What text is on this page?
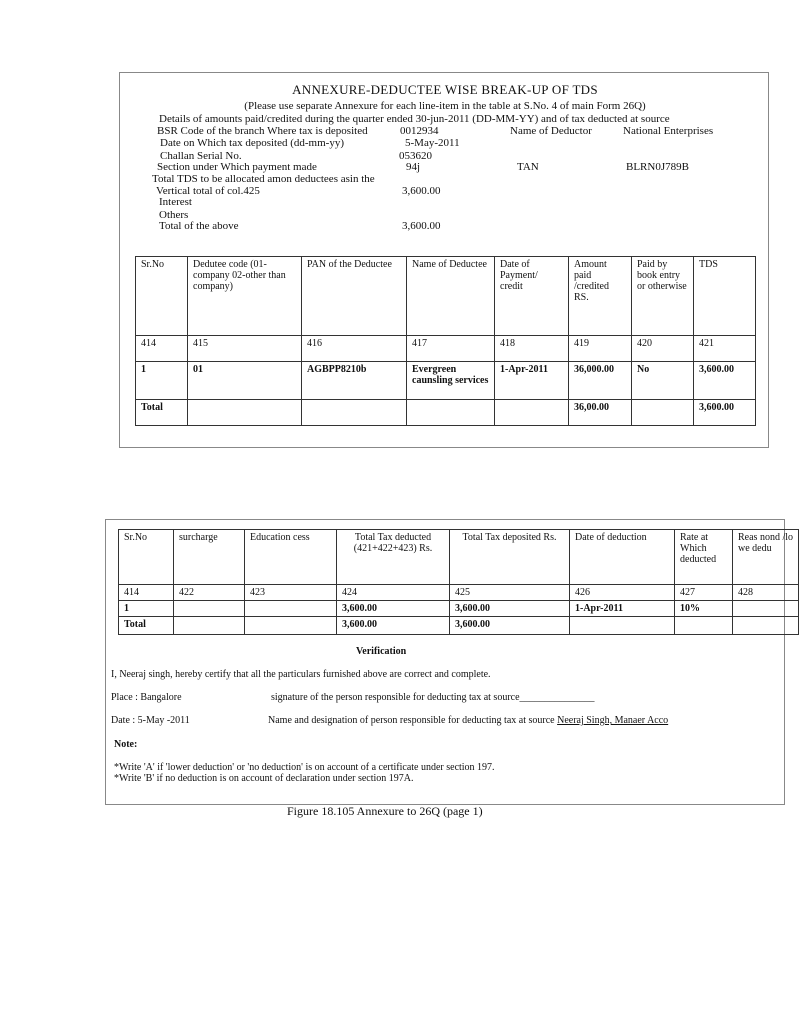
ANNEXURE-DEDUCTEE WISE BREAK-UP OF TDS
(Please use separate Annexure for each line-item in the table at S.No. 4 of main Form 26Q)
Details of amounts paid/credited during the quarter ended 30-jun-2011 (DD-MM-YY) and of tax deducted at source
BSR Code of the branch Where tax is deposited	0012934	Name of Deductor	National Enterprises
Date on Which tax deposited (dd-mm-yy)	5-May-2011
Challan Serial No.	053620
Section under Which payment made	94j	TAN	BLRN0J789B
Total TDS to be allocated amon deductees asin the
Vertical total of col.425	3,600.00
Interest
Others
Total of the above	3,600.00
Sr.No	Dedutee code (01-company 02-other than company)	PAN of the Deductee	Name of Deductee	Date of Payment/ credit	Amount paid /credited RS.	Paid by book entry or otherwise	TDS
414	415	416	417	418	419	420	421
1	01	AGBPP8210b	Evergreen caunsling services	1-Apr-2011	36,000.00	No	3,600.00
Total					36,00.00		3,600.00
Sr.No	surcharge	Education cess	Total Tax deducted (421+422+423) Rs.	Total Tax deposited Rs.	Date of deduction	Rate at Which deducted	Reas nond /lowe dedu
414	422	423	424	425	426	427	428
1			3,600.00	3,600.00	1-Apr-2011	10%	
Total			3,600.00	3,600.00			
Verification
I, Neeraj singh, hereby certify that all the particulars furnished above are correct and complete.
Place : Bangalore	signature of the person responsible for deducting tax at source_______________
Date : 5-May -2011	Name and designation of person responsible for deducting tax at source Neeraj Singh, Manaer Acco
Note:
*Write 'A' if 'lower deduction' or 'no deduction' is on account of a certificate under section 197.
*Write 'B' if no deduction is on account of declaration under section 197A.
Figure 18.105 Annexure to 26Q (page 1)
